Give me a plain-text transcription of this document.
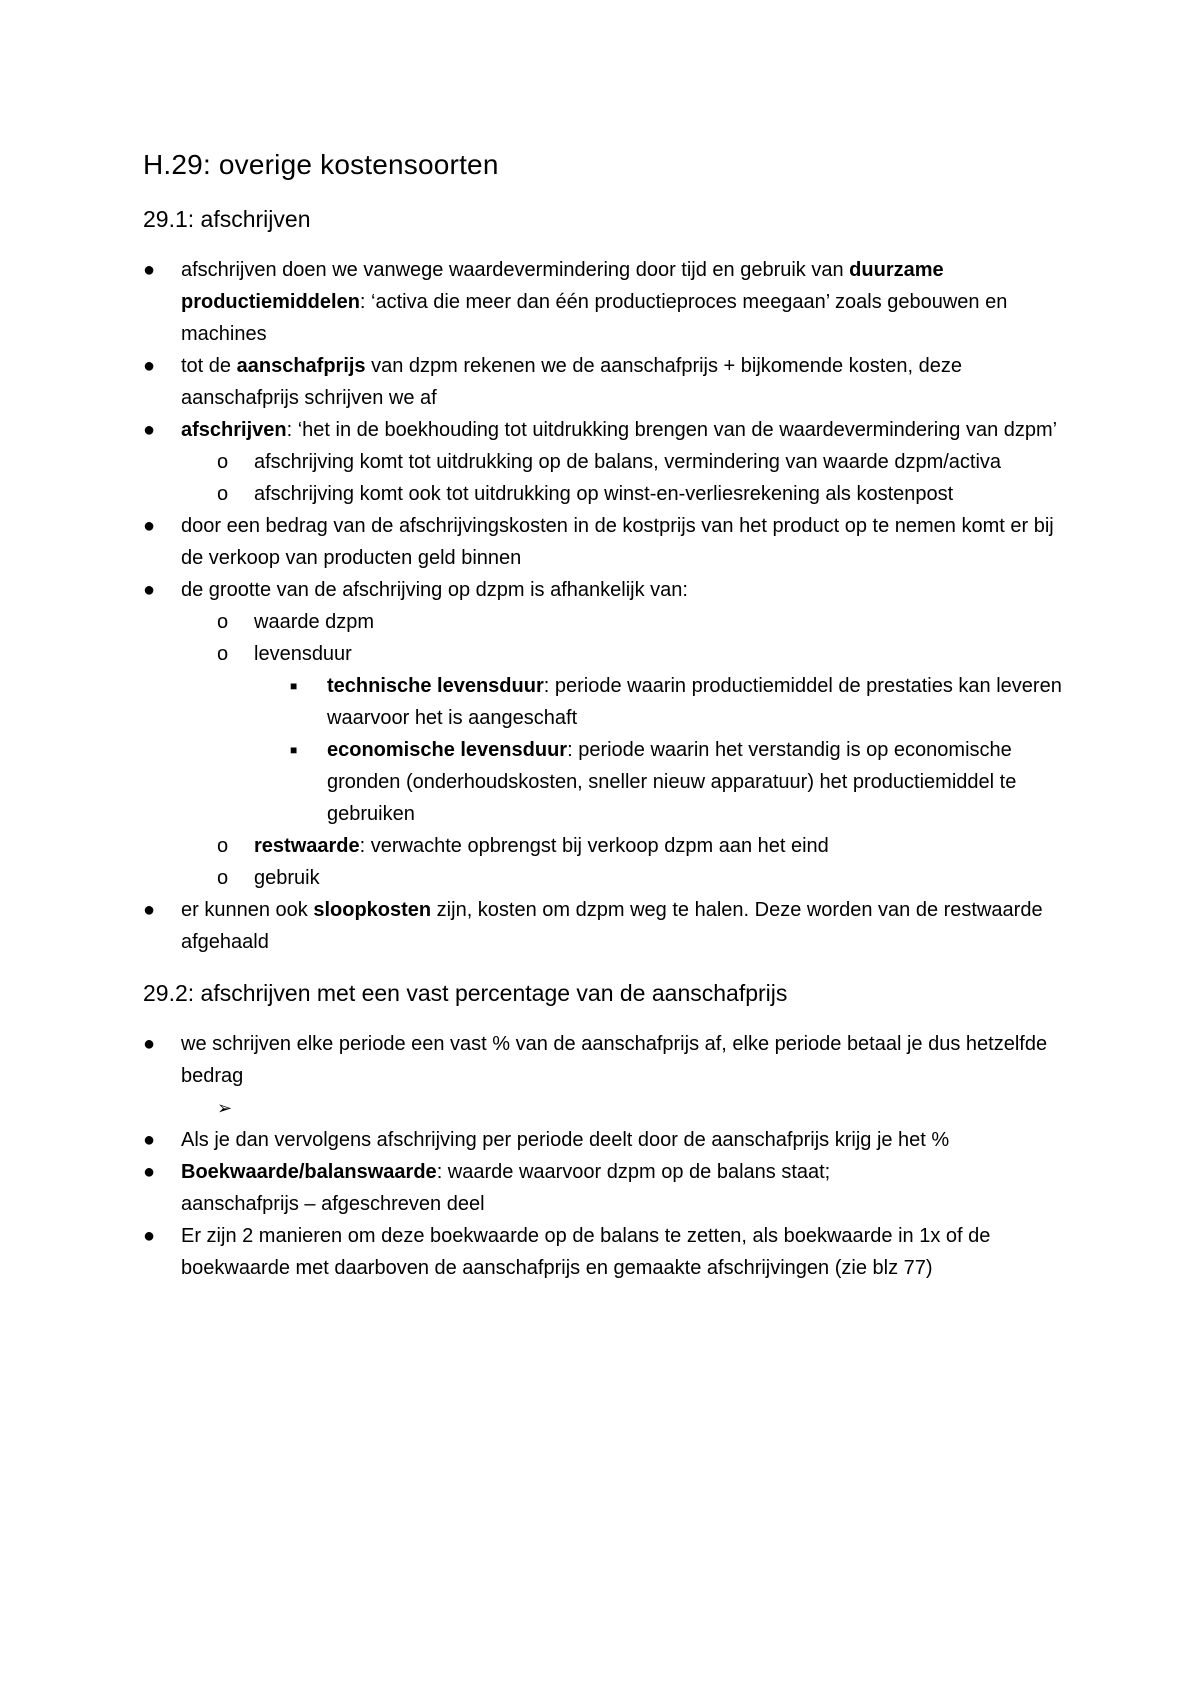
H.29: overige kostensoorten
29.1: afschrijven
● afschrijven doen we vanwege waardevermindering door tijd en gebruik van duurzame productiemiddelen: ‘activa die meer dan één productieproces meegaan’ zoals gebouwen en machines
● tot de aanschafprijs van dzpm rekenen we de aanschafprijs + bijkomende kosten, deze aanschafprijs schrijven we af
● afschrijven: ‘het in de boekhouding tot uitdrukking brengen van de waardevermindering van dzpm’
o afschrijving komt tot uitdrukking op de balans, vermindering van waarde dzpm/activa
o afschrijving komt ook tot uitdrukking op winst-en-verliesrekening als kostenpost
● door een bedrag van de afschrijvingskosten in de kostprijs van het product op te nemen komt er bij de verkoop van producten geld binnen
● de grootte van de afschrijving op dzpm is afhankelijk van:
o waarde dzpm
o levensduur
■ technische levensduur: periode waarin productiemiddel de prestaties kan leveren waarvoor het is aangeschaft
■ economische levensduur: periode waarin het verstandig is op economische gronden (onderhoudskosten, sneller nieuw apparatuur) het productiemiddel te gebruiken
o restwaarde: verwachte opbrengst bij verkoop dzpm aan het eind
o gebruik
● er kunnen ook sloopkosten zijn, kosten om dzpm weg te halen. Deze worden van de restwaarde afgehaald
29.2: afschrijven met een vast percentage van de aanschafprijs
● we schrijven elke periode een vast % van de aanschafprijs af, elke periode betaal je dus hetzelfde bedrag
➢
● Als je dan vervolgens afschrijving per periode deelt door de aanschafprijs krijg je het %
● Boekwaarde/balanswaarde: waarde waarvoor dzpm op de balans staat;
aanschafprijs – afgeschreven deel
● Er zijn 2 manieren om deze boekwaarde op de balans te zetten, als boekwaarde in 1x of de boekwaarde met daarboven de aanschafprijs en gemaakte afschrijvingen (zie blz 77)
